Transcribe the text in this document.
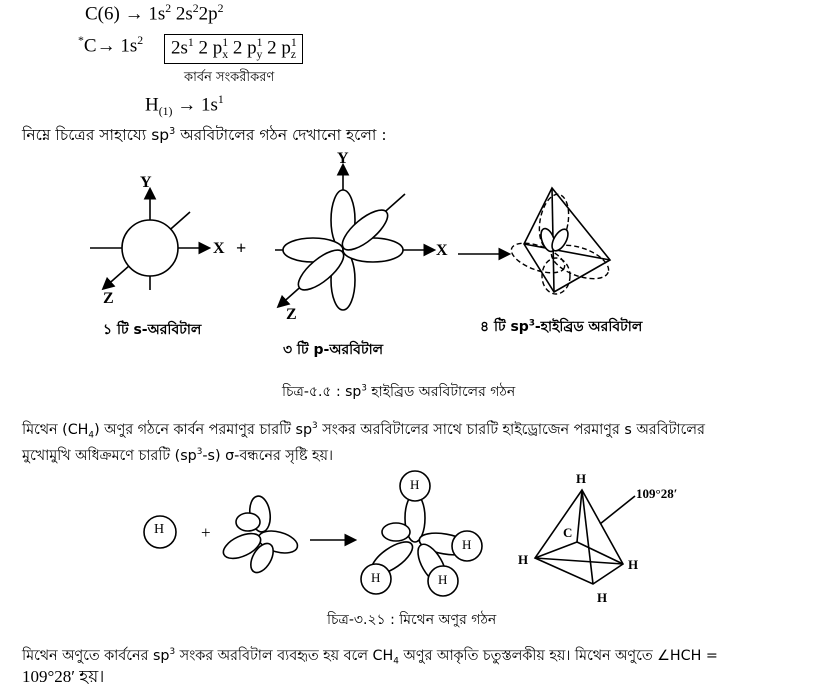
$C(6) \to 1s^2$ $2s^22p^2$
$^*C\to 1s^2$	$2s^1$ 2 $p^1_x$ 2 $p^1_y$ 2 $p^1_z$
কার্বন সংকরীকরণ
$H_{(1)} \to 1s^1$
নিম্নে চিত্রের সাহায্যে $sp^3$ অরবিটালের গঠন দেখানো হলো :
Y
X
Z
+
Y
X
Z
১ টি s-অরবিটাল
৩ টি p-অরবিটাল
৪ টি $sp^3-হাইব্রিড$ অরবিটাল
চিত্র-৫.৫ : $sp^3$ হাইব্রিড অরবিটালের গঠন
মিথেন $(CH_4)$ অণুর গঠনে কার্বন পরমাণুর চারটি $sp^3$ সংকর অরবিটালের সাথে চারটি হাইড্রোজেন পরমাণুর s অরবিটালের
মুখোমুখি অধিক্রমণে চারটি $(sp^3-s)$ σ-বন্ধনের সৃষ্টি হয়।
H +
H
H
H	H
H
C
H	H
H
109°28′
চিত্র-৩.২১ : মিথেন অণুর গঠন
মিথেন অণুতে কার্বনের $sp^3$ সংকর অরবিটাল ব্যবহৃত হয় বলে $CH_4$ অণুর আকৃতি চতুস্তলকীয় হয়। মিথেন অণুতে ∠HCH =
109°28′ হয়।
